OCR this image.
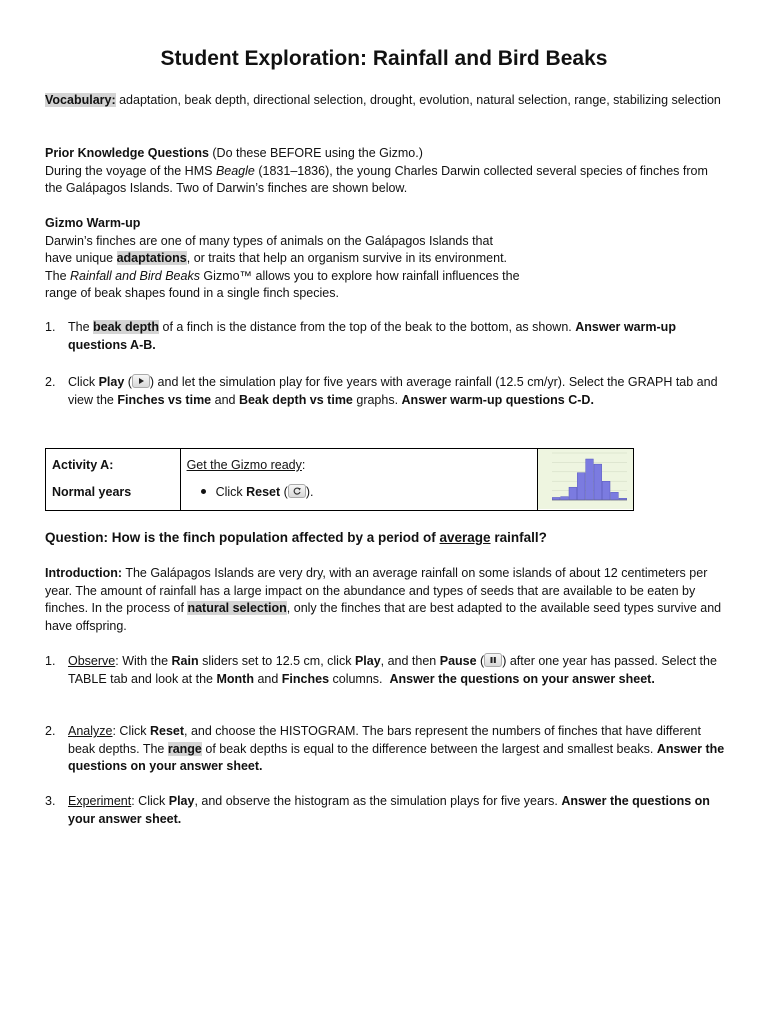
Student Exploration: Rainfall and Bird Beaks

Vocabulary: adaptation, beak depth, directional selection, drought, evolution, natural selection, range, stabilizing selection

Prior Knowledge Questions (Do these BEFORE using the Gizmo.)
During the voyage of the HMS Beagle (1831–1836), the young Charles Darwin collected several species of finches from the Galápagos Islands. Two of Darwin’s finches are shown below.

Gizmo Warm-up
Darwin’s finches are one of many types of animals on the Galápagos Islands that have unique adaptations, or traits that help an organism survive in its environment. The Rainfall and Bird Beaks Gizmo™ allows you to explore how rainfall influences the range of beak shapes found in a single finch species.

1. The beak depth of a finch is the distance from the top of the beak to the bottom, as shown. Answer warm-up questions A-B.

2. Click Play ( ) and let the simulation play for five years with average rainfall (12.5 cm/yr). Select the GRAPH tab and view the Finches vs time and Beak depth vs time graphs. Answer warm-up questions C-D.

Activity A:
Normal years

Get the Gizmo ready:
Click Reset ( ).

Question: How is the finch population affected by a period of average rainfall?

Introduction: The Galápagos Islands are very dry, with an average rainfall on some islands of about 12 centimeters per year. The amount of rainfall has a large impact on the abundance and types of seeds that are available to be eaten by finches. In the process of natural selection, only the finches that are best adapted to the available seed types survive and have offspring.

1. Observe: With the Rain sliders set to 12.5 cm, click Play, and then Pause ( ) after one year has passed. Select the TABLE tab and look at the Month and Finches columns.  Answer the questions on your answer sheet.

2. Analyze: Click Reset, and choose the HISTOGRAM. The bars represent the numbers of finches that have different beak depths. The range of beak depths is equal to the difference between the largest and smallest beaks. Answer the questions on your answer sheet.

3. Experiment: Click Play, and observe the histogram as the simulation plays for five years. Answer the questions on your answer sheet.
